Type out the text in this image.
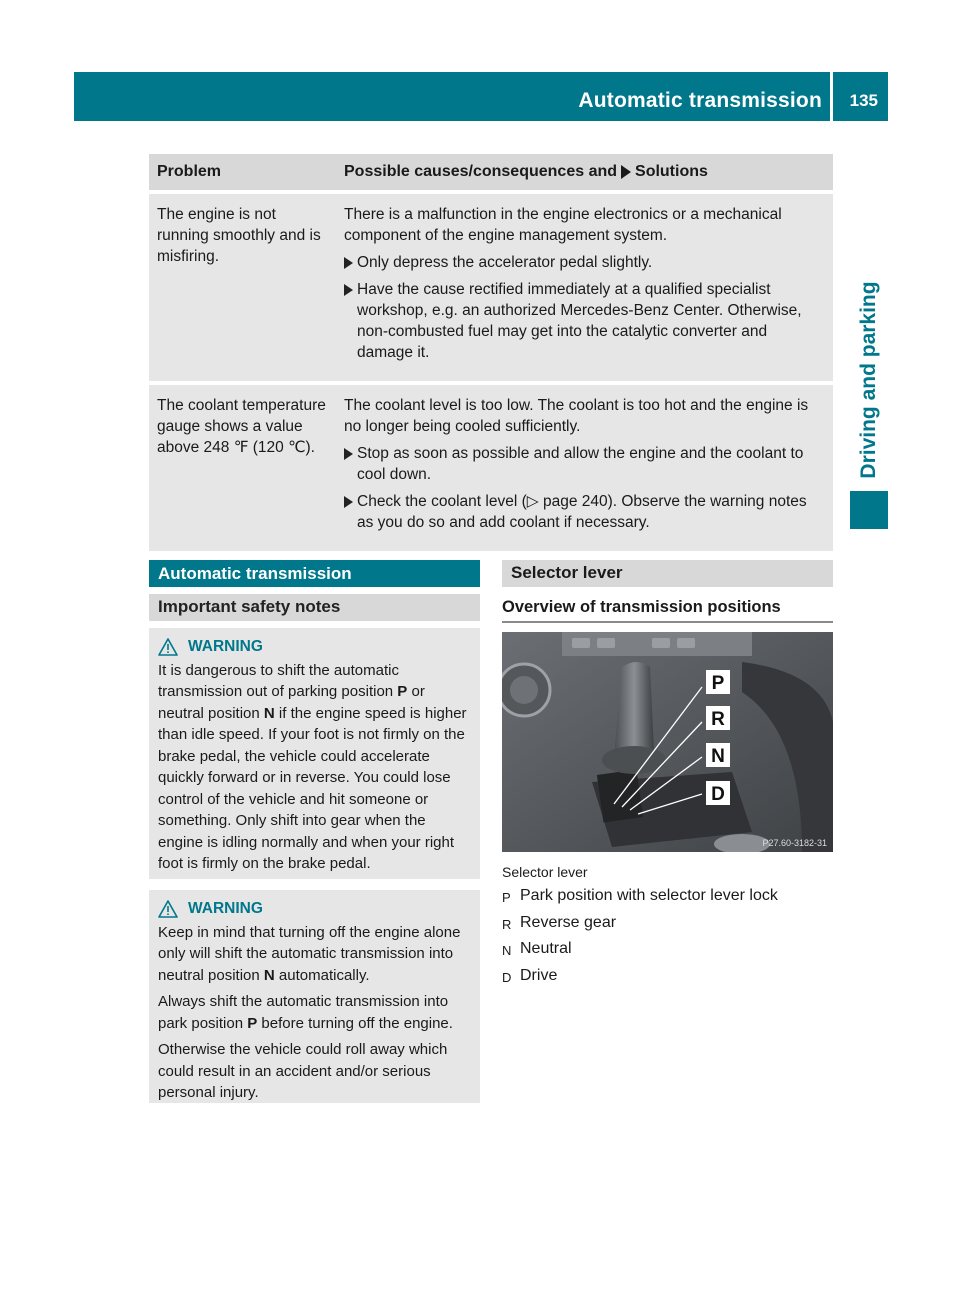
Automatic transmission 135
Driving and parking
Problem	Possible causes/consequences and Solutions

The engine is not running smoothly and is misfiring.	There is a malfunction in the engine electronics or a mechanical component of the engine management system.

Only depress the accelerator pedal slightly.
Have the cause rectified immediately at a qualified specialist workshop, e.g. an authorized Mercedes-Benz Center. Otherwise, non-combusted fuel may get into the catalytic converter and damage it.

The coolant temperature gauge shows a value above 248 ℉ (120 ℃).	The coolant level is too low. The coolant is too hot and the engine is no longer being cooled sufficiently.

Stop as soon as possible and allow the engine and the coolant to cool down.
Check the coolant level (▷ page 240). Observe the warning notes as you do so and add coolant if necessary.
Automatic transmission
Important safety notes
WARNING

It is dangerous to shift the automatic transmission out of parking position P or neutral position N if the engine speed is higher than idle speed. If your foot is not firmly on the brake pedal, the vehicle could accelerate quickly forward or in reverse. You could lose control of the vehicle and hit someone or something. Only shift into gear when the engine is idling normally and when your right foot is firmly on the brake pedal.

WARNING

Keep in mind that turning off the engine alone only will shift the automatic transmission into neutral position N automatically.

Always shift the automatic transmission into park position P before turning off the engine.

Otherwise the vehicle could roll away which could result in an accident and/or serious personal injury.

Selector lever
Overview of transmission positions
P
R
N
D
P27.60-3182-31
Selector lever
P Park position with selector lever lock
R Reverse gear
N Neutral
D Drive
